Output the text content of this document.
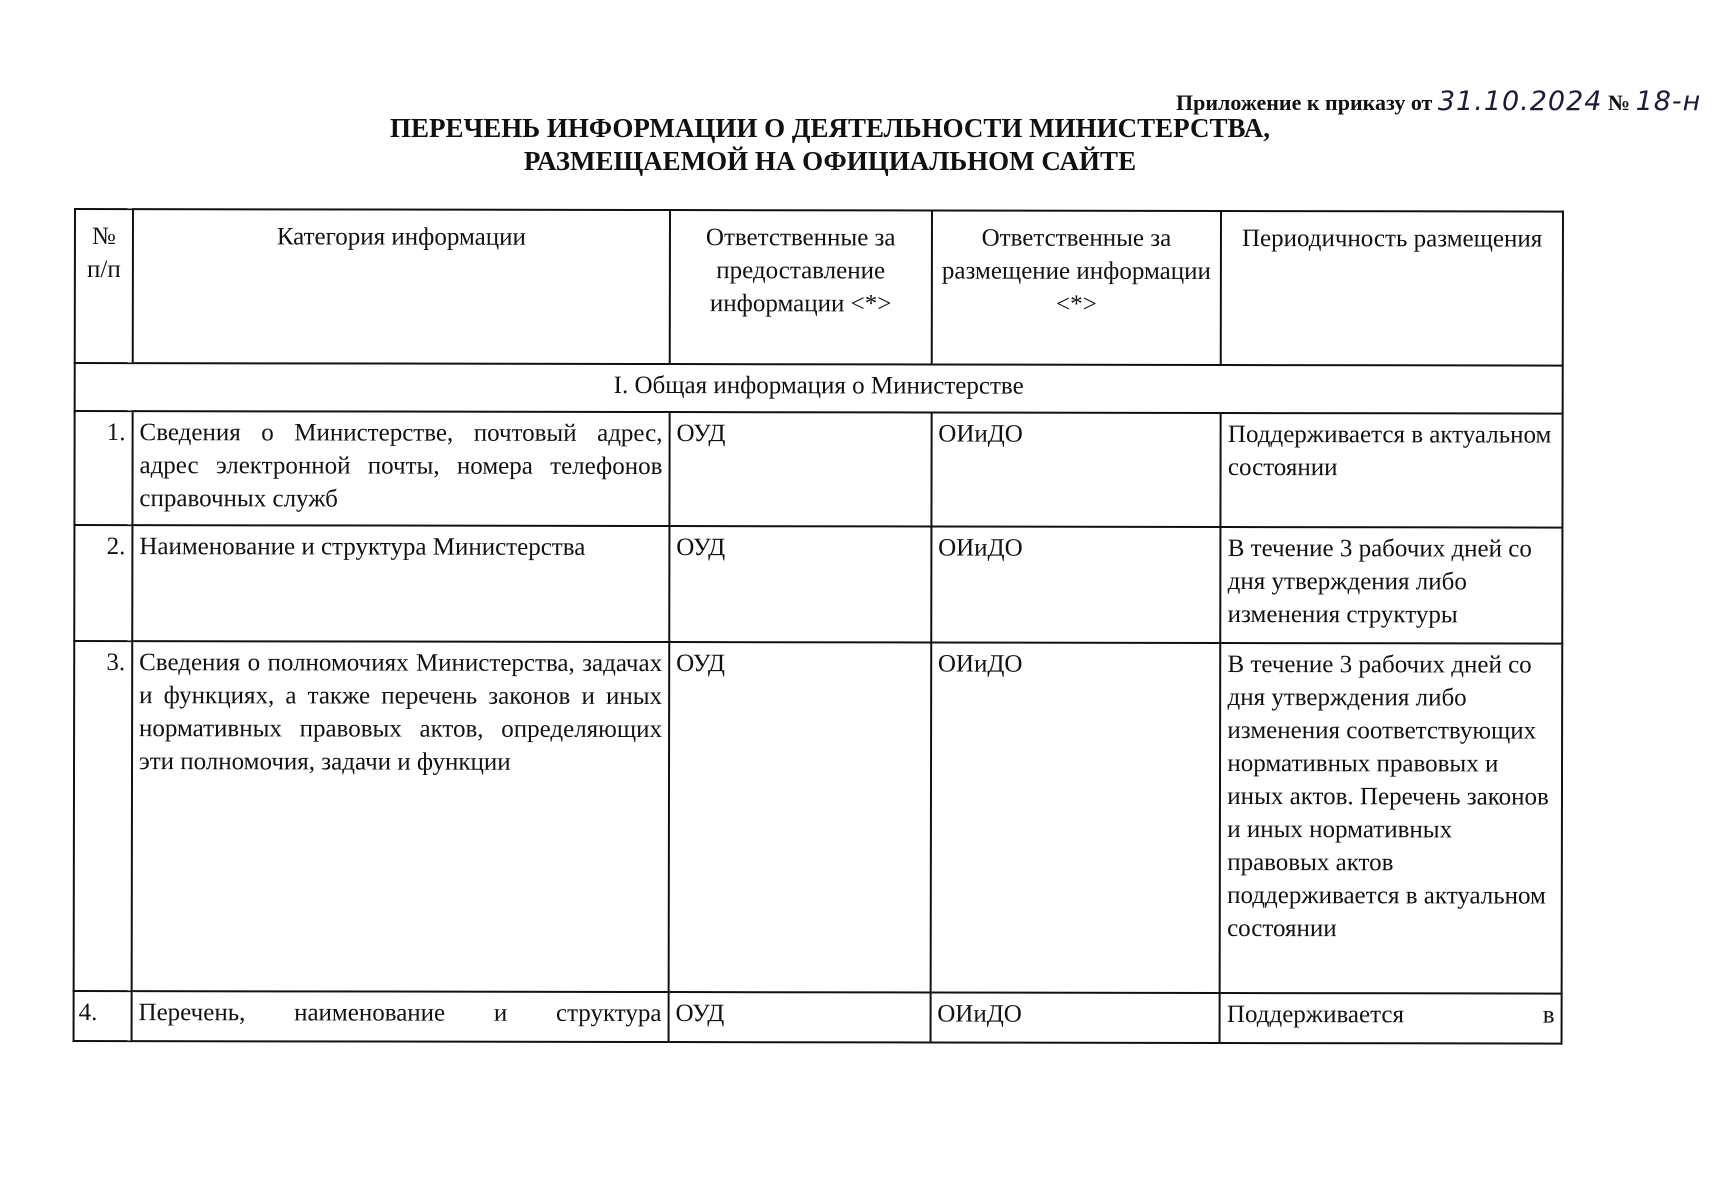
Приложение к приказу от 31.10.2024 № 18-н
ПЕРЕЧЕНЬ ИНФОРМАЦИИ О ДЕЯТЕЛЬНОСТИ МИНИСТЕРСТВА,
РАЗМЕЩАЕМОЙ НА ОФИЦИАЛЬНОМ САЙТЕ
№ п/п	Категория информации	Ответственные за предоставление информации <*>	Ответственные за размещение информации <*>	Периодичность размещения
I. Общая информация о Министерстве				
1.	Сведения о Министерстве, почтовый адрес, адрес электронной почты, номера телефонов справочных служб	ОУД	ОИиДО	Поддерживается в актуальном состоянии
2.	Наименование и структура Министерства	ОУД	ОИиДО	В течение 3 рабочих дней со дня утверждения либо изменения структуры
3.	Сведения о полномочиях Министерства, задачах и функциях, а также перечень законов и иных нормативных правовых актов, определяющих эти полномочия, задачи и функции	ОУД	ОИиДО	В течение 3 рабочих дней со дня утверждения либо изменения соответствующих нормативных правовых и иных актов. Перечень законов и иных нормативных правовых актов поддерживается в актуальном состоянии
4.	Перечень, наименование и структура	ОУД	ОИиДО	Поддерживается в
